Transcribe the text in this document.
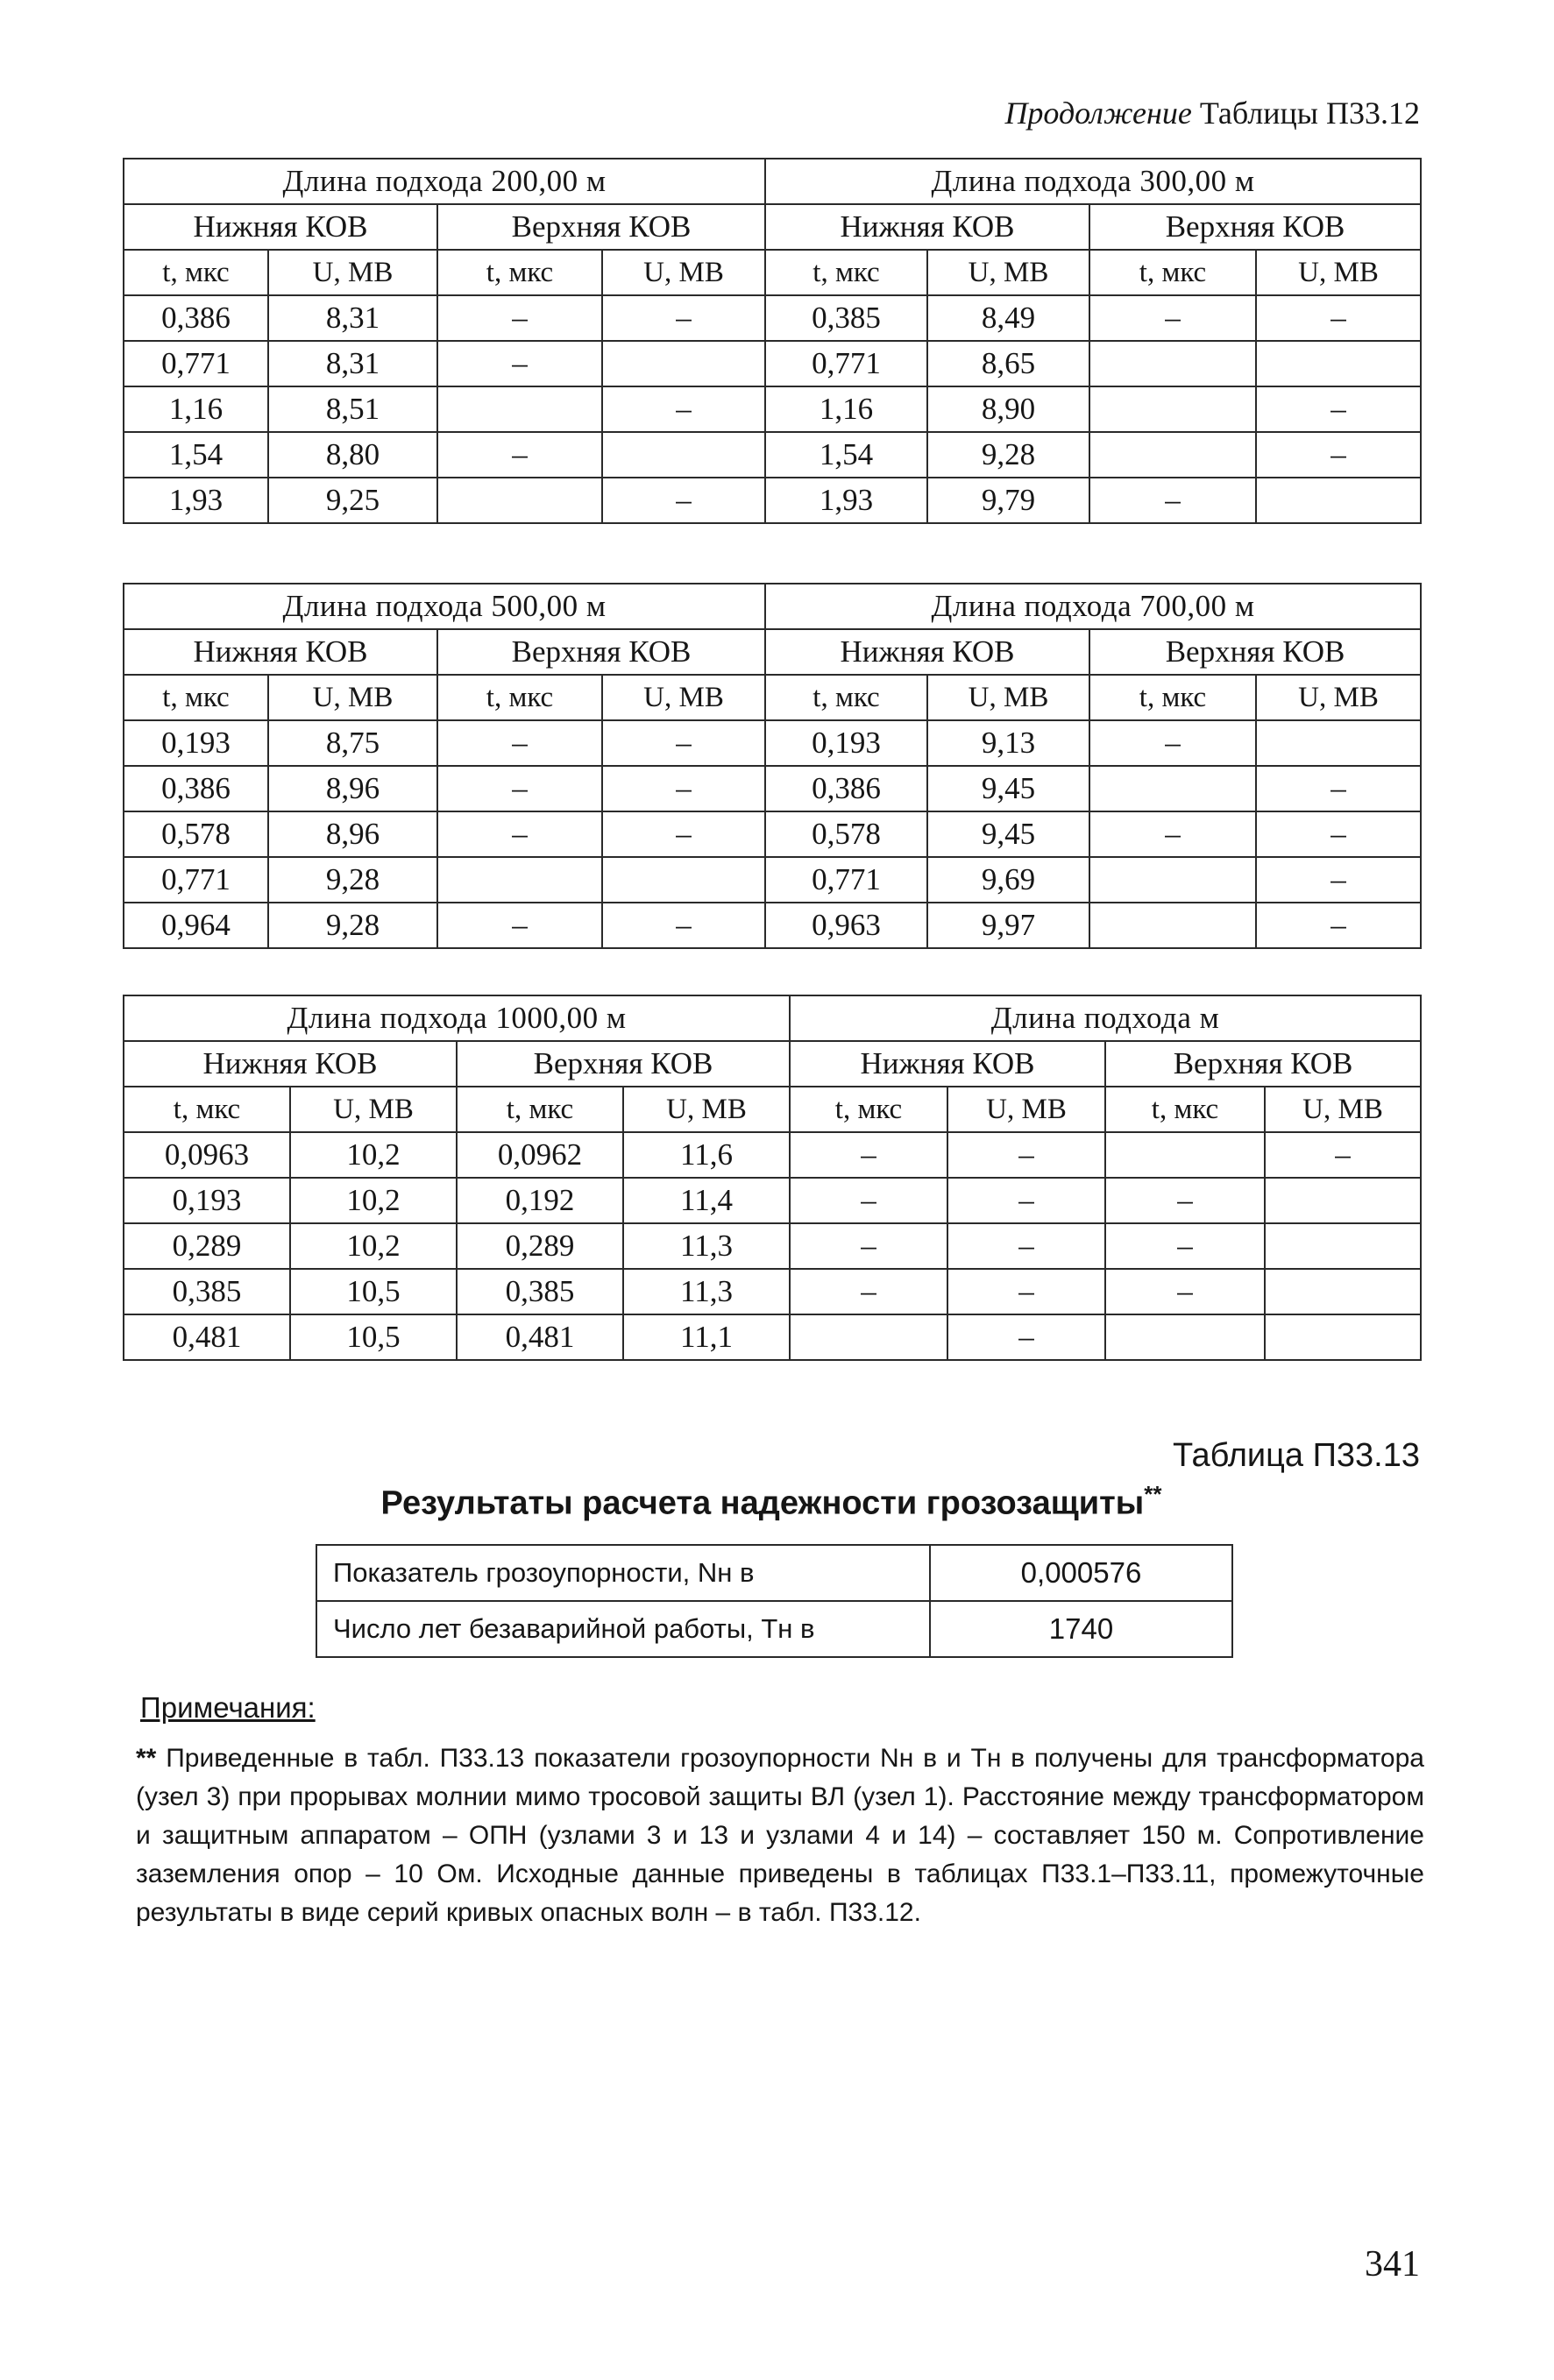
Продолжение Таблицы П33.12
Длина подхода 200,00 м				Длина подхода 300,00 м			
Нижняя КОВ		Верхняя КОВ		Нижняя КОВ		Верхняя КОВ	
t, мкс	U, МВ	t, мкс	U, МВ	t, мкс	U, МВ	t, мкс	U, МВ
0,386	8,31	–	–	0,385	8,49	–	–
0,771	8,31	–		0,771	8,65		
1,16	8,51		–	1,16	8,90		–
1,54	8,80	–		1,54	9,28		–
1,93	9,25		–	1,93	9,79	–	
Длина подхода 500,00 м				Длина подхода 700,00 м			
Нижняя КОВ		Верхняя КОВ		Нижняя КОВ		Верхняя КОВ	
t, мкс	U, МВ	t, мкс	U, МВ	t, мкс	U, МВ	t, мкс	U, МВ
0,193	8,75	–	–	0,193	9,13	–	
0,386	8,96	–	–	0,386	9,45		–
0,578	8,96	–	–	0,578	9,45	–	–
0,771	9,28			0,771	9,69		–
0,964	9,28	–	–	0,963	9,97		–
Длина подхода 1000,00 м				Длина подхода м			
Нижняя КОВ		Верхняя КОВ		Нижняя КОВ		Верхняя КОВ	
t, мкс	U, МВ	t, мкс	U, МВ	t, мкс	U, МВ	t, мкс	U, МВ
0,0963	10,2	0,0962	11,6	–	–		–
0,193	10,2	0,192	11,4	–	–	–	
0,289	10,2	0,289	11,3	–	–	–	
0,385	10,5	0,385	11,3	–	–	–	
0,481	10,5	0,481	11,1		–		
Таблица П33.13
Результаты расчета надежности грозозащиты**
Показатель грозоупорности, Nн в	0,000576
Число лет безаварийной работы, Tн в	1740
Примечания:
** Приведенные в табл. П33.13 показатели грозоупорности Nн в и Tн в получены для трансформатора (узел 3) при прорывах молнии мимо тросовой защиты ВЛ (узел 1). Расстояние между трансформатором и защитным аппаратом – ОПН (узлами 3 и 13 и узлами 4 и 14) – составляет 150 м. Сопротивление заземления опор – 10 Ом. Исходные данные приведены в таблицах П33.1–П33.11, промежуточные результаты в виде серий кривых опасных волн – в табл. П33.12.
341
